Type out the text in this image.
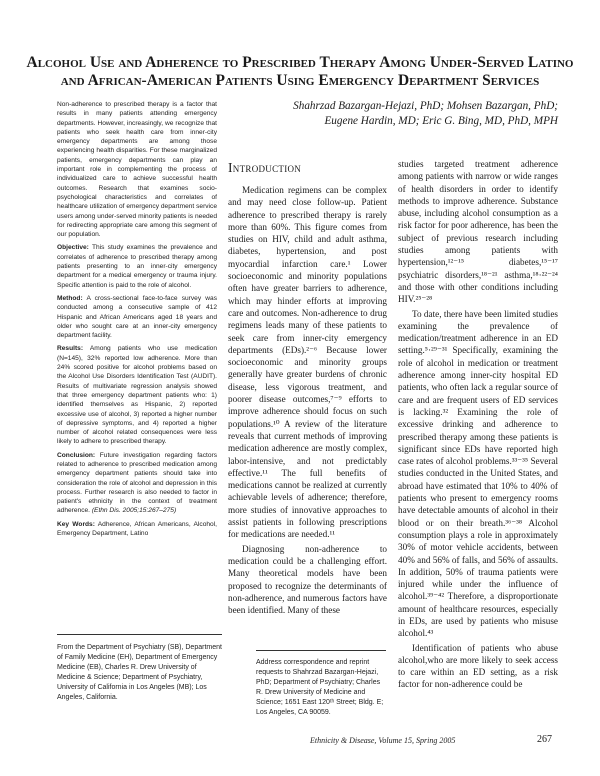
Alcohol Use and Adherence to Prescribed Therapy Among Under-Served Latino and African-American Patients Using Emergency Department Services

Non-adherence to prescribed therapy is a factor that results in many patients attending emergency departments. However, increasingly, we recognize that patients who seek health care from inner-city emergency departments are among those experiencing health disparities. For these marginalized patients, emergency departments can play an important role in complementing the process of individualized care to achieve successful health outcomes. Research that examines socio-psychological characteristics and correlates of healthcare utilization of emergency department service users among under-served minority patients is needed for redirecting appropriate care among this segment of our population.

Objective: This study examines the prevalence and correlates of adherence to prescribed therapy among patients presenting to an inner-city emergency department for a medical emergency or trauma injury. Specific attention is paid to the role of alcohol.

Method: A cross-sectional face-to-face survey was conducted among a consecutive sample of 412 Hispanic and African Americans aged 18 years and older who sought care at an inner-city emergency department facility.

Results: Among patients who use medication (N=145), 32% reported low adherence. More than 24% scored positive for alcohol problems based on the Alcohol Use Disorders Identification Test (AUDIT). Results of multivariate regression analysis showed that three emergency department patients who: 1) identified themselves as Hispanic, 2) reported excessive use of alcohol, 3) reported a higher number of depressive symptoms, and 4) reported a higher number of alcohol related consequences were less likely to adhere to prescribed therapy.

Conclusion: Future investigation regarding factors related to adherence to prescribed medication among emergency department patients should take into consideration the role of alcohol and depression in this process. Further research is also needed to factor in patient's ethnicity in the context of treatment adherence. (Ethn Dis. 2005;15:267–275)

Key Words: Adherence, African Americans, Alcohol, Emergency Department, Latino

Shahrzad Bazargan-Hejazi, PhD; Mohsen Bazargan, PhD;
Eugene Hardin, MD; Eric G. Bing, MD, PhD, MPH
Introduction

Medication regimens can be complex and may need close follow-up. Patient adherence to prescribed therapy is rarely more than 60%. This figure comes from studies on HIV, child and adult asthma, diabetes, hypertension, and post myocardial infarction care.¹ Lower socioeconomic and minority populations often have greater barriers to adherence, which may hinder efforts at improving care and outcomes. Non-adherence to drug regimens leads many of these patients to seek care from inner-city emergency departments (EDs).²⁻⁶ Because lower socioeconomic and minority groups generally have greater burdens of chronic disease, less vigorous treatment, and poorer disease outcomes,⁷⁻⁹ efforts to improve adherence should focus on such populations.¹⁰ A review of the literature reveals that current methods of improving medication adherence are mostly complex, labor-intensive, and not predictably effective.¹¹ The full benefits of medications cannot be realized at currently achievable levels of adherence; therefore, more studies of innovative approaches to assist patients in following prescriptions for medications are needed.¹¹

Diagnosing non-adherence to medication could be a challenging effort. Many theoretical models have been proposed to recognize the determinants of non-adherence, and numerous factors have been identified. Many of these

studies targeted treatment adherence among patients with narrow or wide ranges of health disorders in order to identify methods to improve adherence. Substance abuse, including alcohol consumption as a risk factor for poor adherence, has been the subject of previous research including studies among patients with hypertension,¹²⁻¹⁵ diabetes,¹⁵⁻¹⁷ psychiatric disorders,¹⁸⁻²¹ asthma,¹⁸·²²⁻²⁴ and those with other conditions including HIV.²⁵⁻²⁸

To date, there have been limited studies examining the prevalence of medication/treatment adherence in an ED setting.⁵·²⁹⁻³¹ Specifically, examining the role of alcohol in medication or treatment adherence among inner-city hospital ED patients, who often lack a regular source of care and are frequent users of ED services is lacking.³² Examining the role of excessive drinking and adherence to prescribed therapy among these patients is significant since EDs have reported high case rates of alcohol problems.³³⁻³⁵ Several studies conducted in the United States, and abroad have estimated that 10% to 40% of patients who present to emergency rooms have detectable amounts of alcohol in their blood or on their breath.³⁶⁻³⁸ Alcohol consumption plays a role in approximately 30% of motor vehicle accidents, between 40% and 56% of falls, and 56% of assaults. In addition, 50% of trauma patients were injured while under the influence of alcohol.³⁹⁻⁴² Therefore, a disproportionate amount of healthcare resources, especially in EDs, are used by patients who misuse alcohol.⁴³

Identification of patients who abuse alcohol,who are more likely to seek access to care within an ED setting, as a risk factor for non-adherence could be

From the Department of Psychiatry (SB), Department of Family Medicine (EH), Department of Emergency Medicine (EB), Charles R. Drew University of Medicine & Science; Department of Psychiatry, University of California in Los Angeles (MB); Los Angeles, California.
Address correspondence and reprint requests to Shahrzad Bazargan-Hejazi, PhD; Department of Psychiatry; Charles R. Drew University of Medicine and Science; 1651 East 120ᵗʰ Street; Bldg. E; Los Angeles, CA 90059.
Ethnicity & Disease, Volume 15, Spring 2005	267
